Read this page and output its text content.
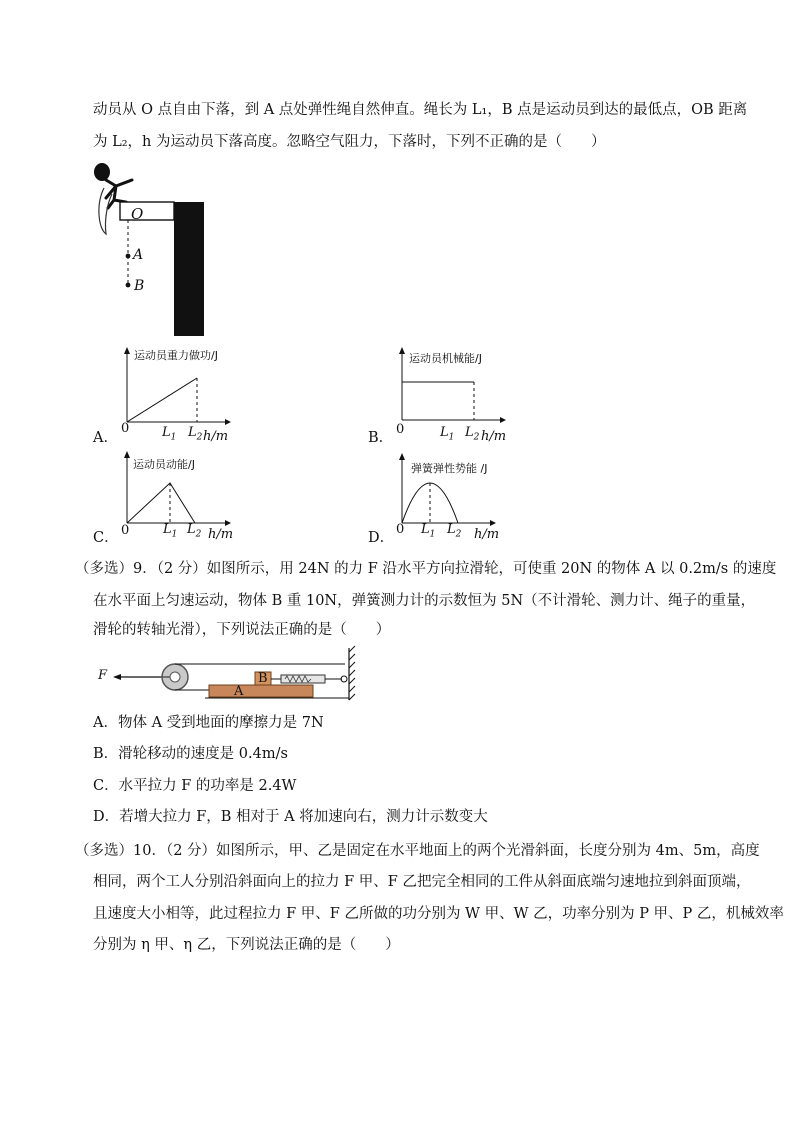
动员从 O 点自由下落，到 A 点处弹性绳自然伸直。绳长为 L₁，B 点是运动员到达的最低点，OB 距离
为 L₂，h 为运动员下落高度。忽略空气阻力，下落时，下列不正确的是（　　）
O
A
B
A．
运动员重力做功/J
0	$L_1$ $L_2$ h/m	B．
运动员机械能/J
0	$L_1$ $L_2$ h/m
C．
运动员动能/J
0	$L_1$ $L_2$ h/m	D．
弹簧弹性势能 /J
0 $L_1$ $L_2$ h/m
（多选）9．（2 分）如图所示，用 24N 的力 F 沿水平方向拉滑轮，可使重 20N 的物体 A 以 0.2m/s 的速度
在水平面上匀速运动，物体 B 重 10N，弹簧测力计的示数恒为 5N（不计滑轮、测力计、绳子的重量，
滑轮的转轴光滑），下列说法正确的是（　　）
F	B
A
A．物体 A 受到地面的摩擦力是 7N
B．滑轮移动的速度是 0.4m/s
C．水平拉力 F 的功率是 2.4W
D．若增大拉力 F，B 相对于 A 将加速向右，测力计示数变大
（多选）10．（2 分）如图所示，甲、乙是固定在水平地面上的两个光滑斜面，长度分别为 4m、5m，高度
相同，两个工人分别沿斜面向上的拉力 F 甲、F 乙把完全相同的工件从斜面底端匀速地拉到斜面顶端，
且速度大小相等，此过程拉力 F 甲、F 乙所做的功分别为 W 甲、W 乙，功率分别为 P 甲、P 乙，机械效率
分别为 η 甲、η 乙，下列说法正确的是（　　）
